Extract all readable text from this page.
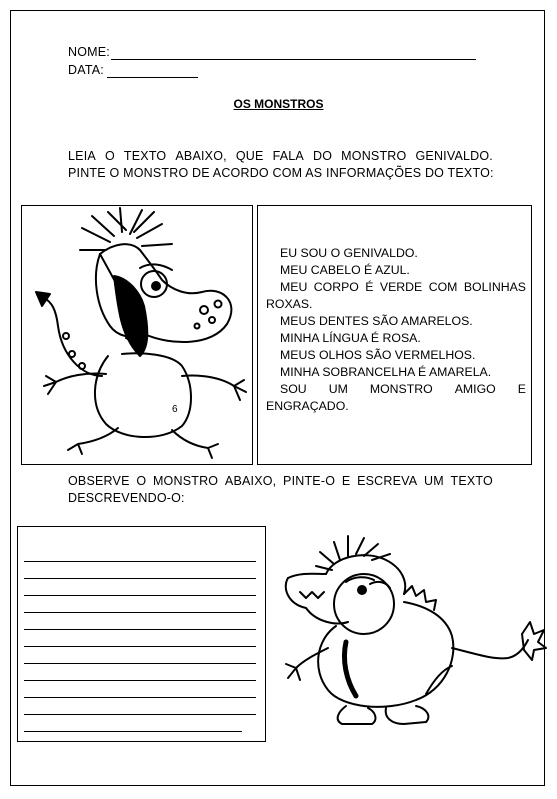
NOME:
DATA:
OS MONSTROS
LEIA O TEXTO ABAIXO, QUE FALA DO MONSTRO GENIVALDO.
PINTE O MONSTRO DE ACORDO COM AS INFORMAÇÕES DO TEXTO:
6
EU SOU O GENIVALDO.
MEU CABELO É AZUL.
MEU CORPO É VERDE COM BOLINHAS
ROXAS.
MEUS DENTES SÃO AMARELOS.
MINHA LÍNGUA É ROSA.
MEUS OLHOS SÃO VERMELHOS.
MINHA SOBRANCELHA É AMARELA.
SOU UM MONSTRO AMIGO E
ENGRAÇADO.
OBSERVE O MONSTRO ABAIXO, PINTE-O E ESCREVA UM TEXTO
DESCREVENDO-O:
